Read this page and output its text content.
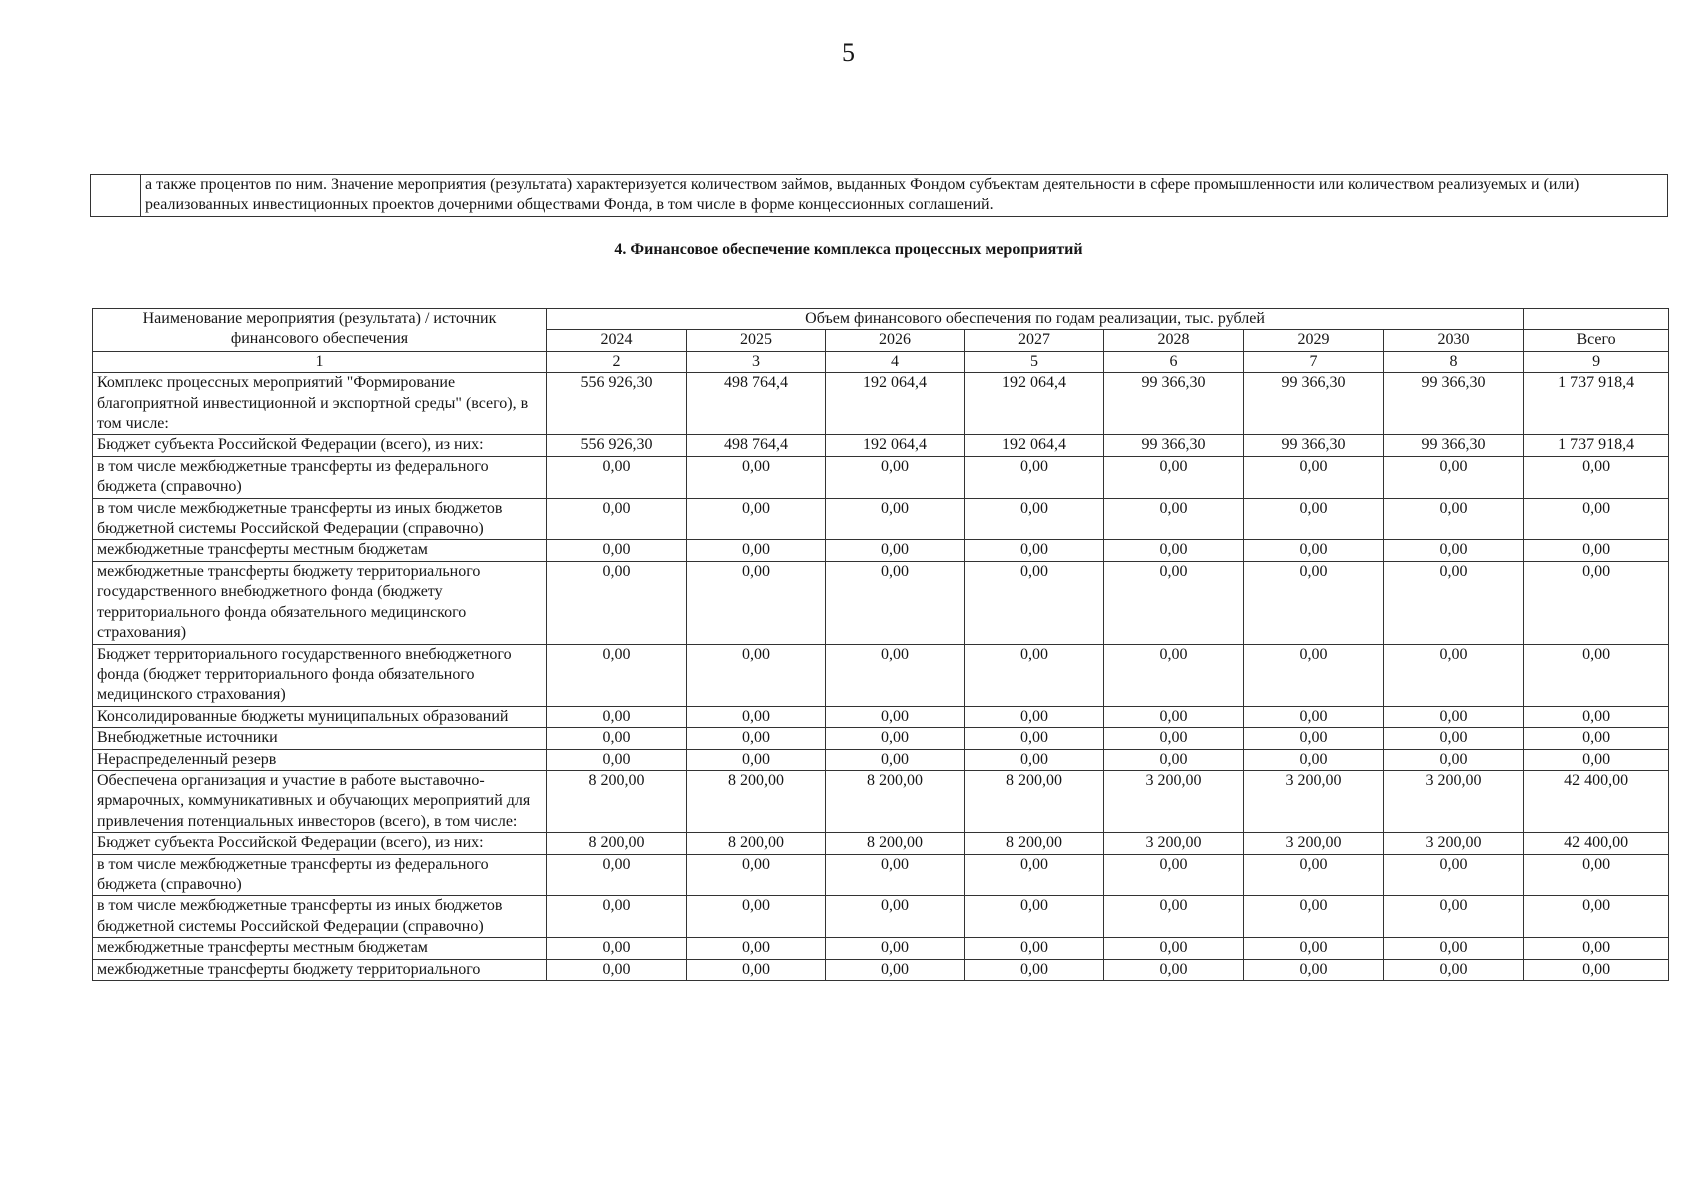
5
	а также процентов по ним. Значение мероприятия (результата) характеризуется количеством займов, выданных Фондом субъектам деятельности в сфере промышленности или количеством реализуемых и (или) реализованных инвестиционных проектов дочерними обществами Фонда, в том числе в форме концессионных соглашений.
4. Финансовое обеспечение комплекса процессных мероприятий
Наименование мероприятия (результата) / источник финансового обеспечения	Объем финансового обеспечения по годам реализации, тыс. рублей							
	2024	2025	2026	2027	2028	2029	2030	Всего
1	2	3	4	5	6	7	8	9
Комплекс процессных мероприятий "Формирование благоприятной инвестиционной и экспортной среды" (всего), в том числе:	556 926,30	498 764,4	192 064,4	192 064,4	99 366,30	99 366,30	99 366,30	1 737 918,4
Бюджет субъекта Российской Федерации (всего), из них:	556 926,30	498 764,4	192 064,4	192 064,4	99 366,30	99 366,30	99 366,30	1 737 918,4
в том числе межбюджетные трансферты из федерального бюджета (справочно)	0,00	0,00	0,00	0,00	0,00	0,00	0,00	0,00
в том числе межбюджетные трансферты из иных бюджетов бюджетной системы Российской Федерации (справочно)	0,00	0,00	0,00	0,00	0,00	0,00	0,00	0,00
межбюджетные трансферты местным бюджетам	0,00	0,00	0,00	0,00	0,00	0,00	0,00	0,00
межбюджетные трансферты бюджету территориального государственного внебюджетного фонда (бюджету территориального фонда обязательного медицинского страхования)	0,00	0,00	0,00	0,00	0,00	0,00	0,00	0,00
Бюджет территориального государственного внебюджетного фонда (бюджет территориального фонда обязательного медицинского страхования)	0,00	0,00	0,00	0,00	0,00	0,00	0,00	0,00
Консолидированные бюджеты муниципальных образований	0,00	0,00	0,00	0,00	0,00	0,00	0,00	0,00
Внебюджетные источники	0,00	0,00	0,00	0,00	0,00	0,00	0,00	0,00
Нераспределенный резерв	0,00	0,00	0,00	0,00	0,00	0,00	0,00	0,00
Обеспечена организация и участие в работе выставочно-ярмарочных, коммуникативных и обучающих мероприятий для привлечения потенциальных инвесторов (всего), в том числе:	8 200,00	8 200,00	8 200,00	8 200,00	3 200,00	3 200,00	3 200,00	42 400,00
Бюджет субъекта Российской Федерации (всего), из них:	8 200,00	8 200,00	8 200,00	8 200,00	3 200,00	3 200,00	3 200,00	42 400,00
в том числе межбюджетные трансферты из федерального бюджета (справочно)	0,00	0,00	0,00	0,00	0,00	0,00	0,00	0,00
в том числе межбюджетные трансферты из иных бюджетов бюджетной системы Российской Федерации (справочно)	0,00	0,00	0,00	0,00	0,00	0,00	0,00	0,00
межбюджетные трансферты местным бюджетам	0,00	0,00	0,00	0,00	0,00	0,00	0,00	0,00
межбюджетные трансферты бюджету территориального	0,00	0,00	0,00	0,00	0,00	0,00	0,00	0,00
